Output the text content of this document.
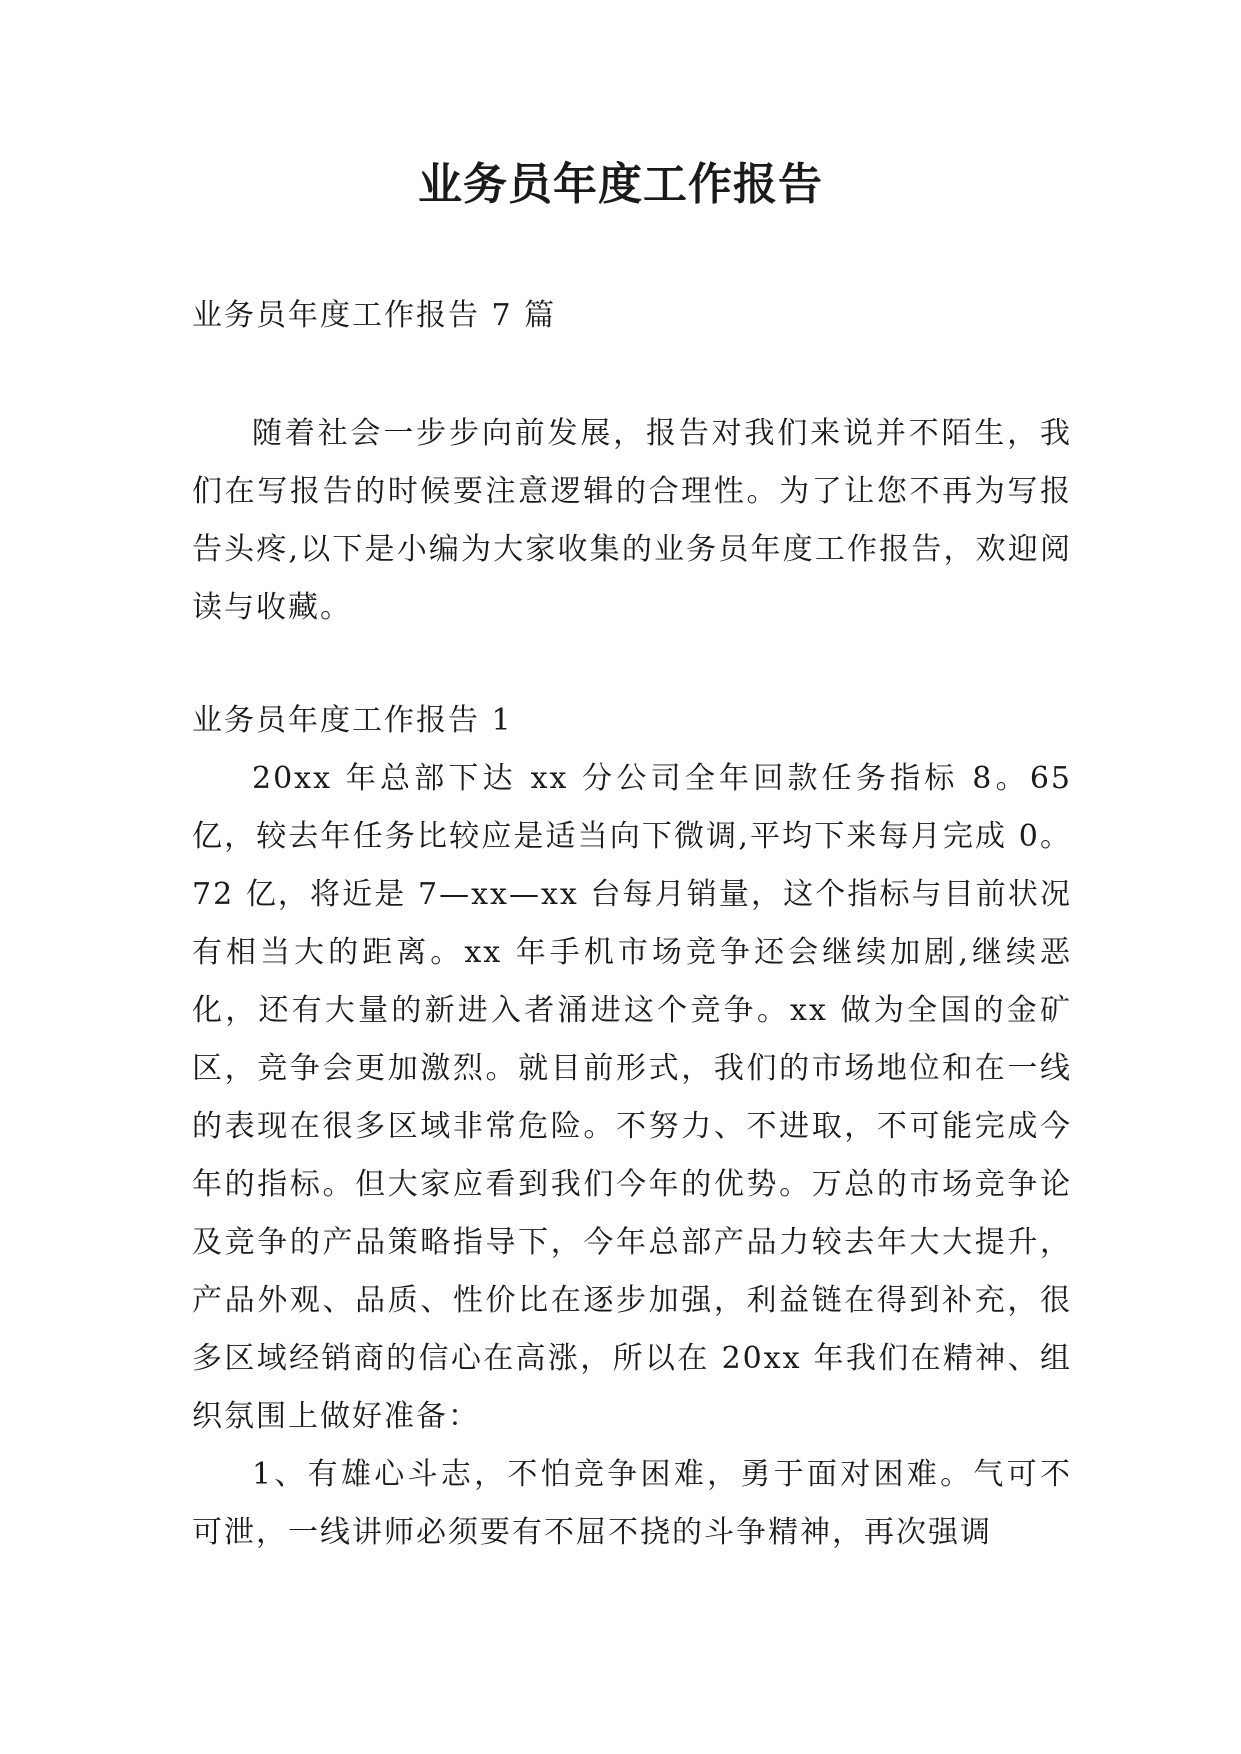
业务员年度工作报告

业务员年度工作报告 7 篇

随着社会一步步向前发展，报告对我们来说并不陌生，我们在写报告的时候要注意逻辑的合理性。为了让您不再为写报告头疼,以下是小编为大家收集的业务员年度工作报告，欢迎阅读与收藏。

业务员年度工作报告 1

20xx 年总部下达 xx 分公司全年回款任务指标 8。65 亿，较去年任务比较应是适当向下微调,平均下来每月完成 0。72 亿，将近是 7—xx—xx 台每月销量，这个指标与目前状况有相当大的距离。xx 年手机市场竞争还会继续加剧,继续恶化，还有大量的新进入者涌进这个竞争。xx 做为全国的金矿区，竞争会更加激烈。就目前形式，我们的市场地位和在一线的表现在很多区域非常危险。不努力、不进取，不可能完成今年的指标。但大家应看到我们今年的优势。万总的市场竞争论及竞争的产品策略指导下，今年总部产品力较去年大大提升，产品外观、品质、性价比在逐步加强，利益链在得到补充，很多区域经销商的信心在高涨，所以在 20xx 年我们在精神、组织氛围上做好准备：

1、有雄心斗志，不怕竞争困难，勇于面对困难。气可不可泄，一线讲师必须要有不屈不挠的斗争精神，再次强调
